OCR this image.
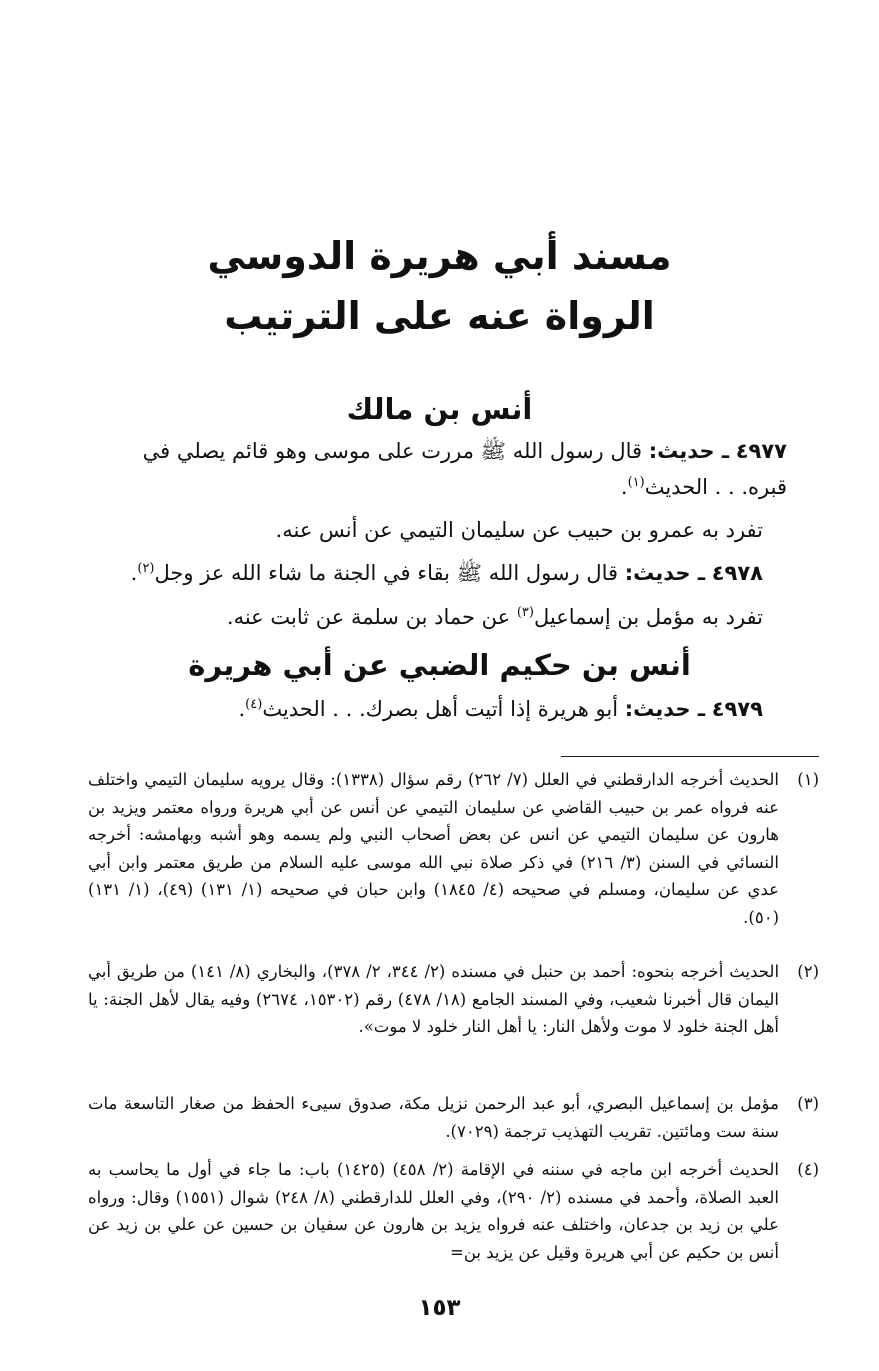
مسند أبي هريرة الدوسي
الرواة عنه على الترتيب
أنس بن مالك
٤٩٧٧ ـ حديث: قال رسول الله ﷺ مررت على موسى وهو قائم يصلي في
قبره. . . الحديث$^{(١)}$.
تفرد به عمرو بن حبيب عن سليمان التيمي عن أنس عنه.
٤٩٧٨ ـ حديث: قال رسول الله ﷺ بقاء في الجنة ما شاء الله عز وجل$^{(٢)}$.
تفرد به مؤمل بن إسماعيل$^{(٣)}$ عن حماد بن سلمة عن ثابت عنه.
أنس بن حكيم الضبي عن أبي هريرة
٤٩٧٩ ـ حديث: أبو هريرة إذا أتيت أهل بصرك. . . الحديث$^{(٤)}$.
(١)
الحديث أخرجه الدارقطني في العلل (٧/ ٢٦٢) رقم سؤال (١٣٣٨): وقال يرويه سليمان التيمي واختلف عنه فرواه عمر بن حبيب القاضي عن سليمان التيمي عن أنس عن أبي هريرة ورواه معتمر ويزيد بن هارون عن سليمان التيمي عن انس عن بعض أصحاب النبي ولم يسمه وهو أشبه وبهامشه: أخرجه النسائي في السنن (٣/ ٢١٦) في ذكر صلاة نبي الله موسى عليه السلام من طريق معتمر وابن أبي عدي عن سليمان، ومسلم في صحيحه (٤/ ١٨٤٥) وابن حبان في صحيحه (١/ ١٣١) (٤٩)، (١/ ١٣١) (٥٠).
(٢)
الحديث أخرجه بنحوه: أحمد بن حنبل في مسنده (٢/ ٣٤٤، ٢/ ٣٧٨)، والبخاري (٨/ ١٤١) من طريق أبي اليمان قال أخبرنا شعيب، وفي المسند الجامع (١٨/ ٤٧٨) رقم (١٥٣٠٢، ٢٦٧٤) وفيه يقال لأهل الجنة: يا أهل الجنة خلود لا موت ولأهل النار: يا أهل النار خلود لا موت».
(٣)
مؤمل بن إسماعيل البصري، أبو عبد الرحمن نزيل مكة، صدوق سيىء الحفظ من صغار التاسعة مات سنة ست ومائتين. تقريب التهذيب ترجمة (٧٠٢٩).
(٤)
الحديث أخرجه ابن ماجه في سننه في الإقامة (٢/ ٤٥٨) (١٤٢٥) باب: ما جاء في أول ما يحاسب به العبد الصلاة، وأحمد في مسنده (٢/ ٢٩٠)، وفي العلل للدارقطني (٨/ ٢٤٨) شوال (١٥٥١) وقال: ورواه علي بن زيد بن جدعان، واختلف عنه فرواه يزيد بن هارون عن سفيان بن حسين عن علي بن زيد عن أنس بن حكيم عن أبي هريرة وقيل عن يزيد بن=
١٥٣
